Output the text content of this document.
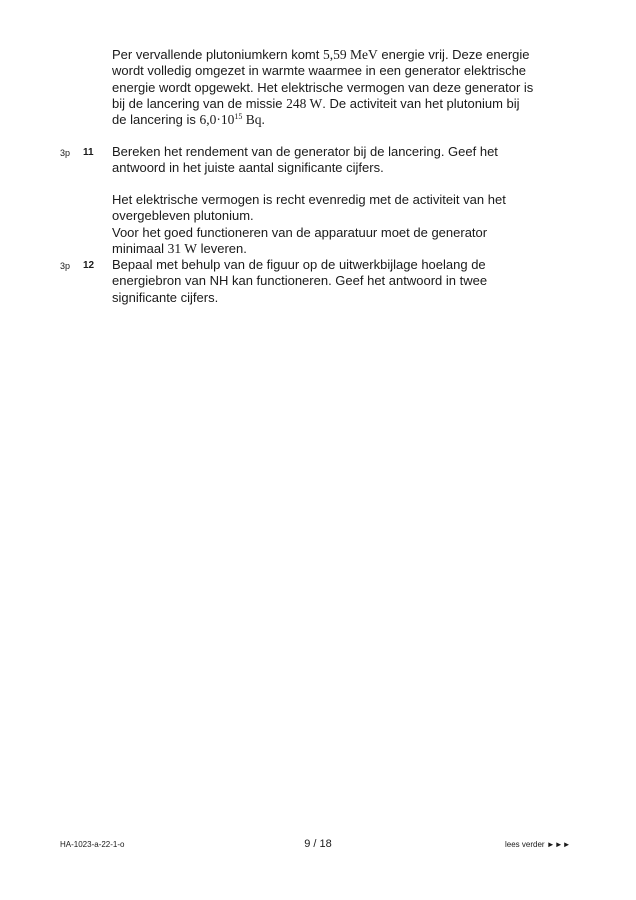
Per vervallende plutoniumkern komt 5,59 MeV energie vrij. Deze energie
wordt volledig omgezet in warmte waarmee in een generator elektrische
energie wordt opgewekt. Het elektrische vermogen van deze generator is
bij de lancering van de missie 248 W. De activiteit van het plutonium bij
de lancering is $6,0\cdot 10^{15}$ Bq.
3p 11 Bereken het rendement van de generator bij de lancering. Geef het
antwoord in het juiste aantal significante cijfers.
Het elektrische vermogen is recht evenredig met de activiteit van het
overgebleven plutonium.
Voor het goed functioneren van de apparatuur moet de generator
minimaal 31 W leveren.
3p 12 Bepaal met behulp van de figuur op de uitwerkbijlage hoelang de
energiebron van NH kan functioneren. Geef het antwoord in twee
significante cijfers.
HA-1023-a-22-1-o	9 / 18	lees verder ►►►
